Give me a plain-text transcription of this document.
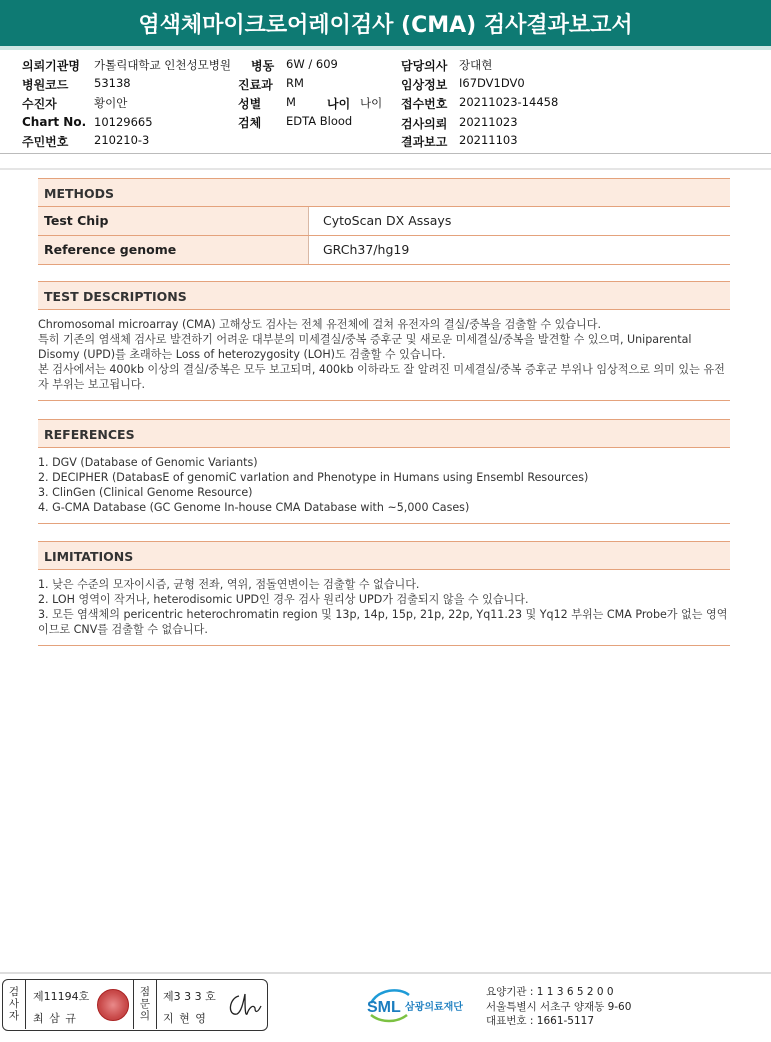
염색체마이크로어레이검사 (CMA) 검사결과보고서
의뢰기관명 가톨릭대학교 인천성모병원 병동 6W / 609	담당의사 장대현
병원코드 53138	진료과 RM	임상정보 I67DV1DV0
수진자	황이안	성별 M	나이 나이 접수번호 20211023-14458
Chart No. 10129665	검체 EDTA Blood	검사의뢰 20211023
주민번호 210210-3	결과보고 20211103
METHODS
Test Chip	CytoScan DX Assays
Reference genome	GRCh37/hg19
TEST DESCRIPTIONS

Chromosomal microarray (CMA) 고해상도 검사는 전체 유전체에 걸쳐 유전자의 결실/중복을 검출할 수 있습니다.

특히 기존의 염색체 검사로 발견하기 어려운 대부분의 미세결실/중복 증후군 및 새로운 미세결실/중복을 발견할 수 있으며, Uniparental Disomy (UPD)를 초래하는 Loss of heterozygosity (LOH)도 검출할 수 있습니다.

본 검사에서는 400kb 이상의 결실/중복은 모두 보고되며, 400kb 이하라도 잘 알려진 미세결실/중복 증후군 부위나 임상적으로 의미 있는 유전자 부위는 보고됩니다.

REFERENCES

1. DGV (Database of Genomic Variants)

2. DECIPHER (DatabasE of genomiC varIation and Phenotype in Humans using Ensembl Resources)

3. ClinGen (Clinical Genome Resource)

4. G-CMA Database (GC Genome In-house CMA Database with ~5,000 Cases)

LIMITATIONS

1. 낮은 수준의 모자이시즘, 균형 전좌, 역위, 점돌연변이는 검출할 수 없습니다.

2. LOH 영역이 작거나, heterodisomic UPD인 경우 검사 원리상 UPD가 검출되지 않을 수 있습니다.

3. 모든 염색체의 pericentric heterochromatin region 및 13p, 14p, 15p, 21p, 22p, Yq11.23 및 Yq12 부위는 CMA Probe가 없는 영역이므로 CNV를 검출할 수 없습니다.

검
사
자
제11194호
최 삼 규
점
문
의
제3 3 3 호
지 현 영
SML 삼광의료재단
요양기관 : 1 1 3 6 5 2 0 0
서울특별시 서초구 양재동 9-60
대표번호 : 1661-5117
